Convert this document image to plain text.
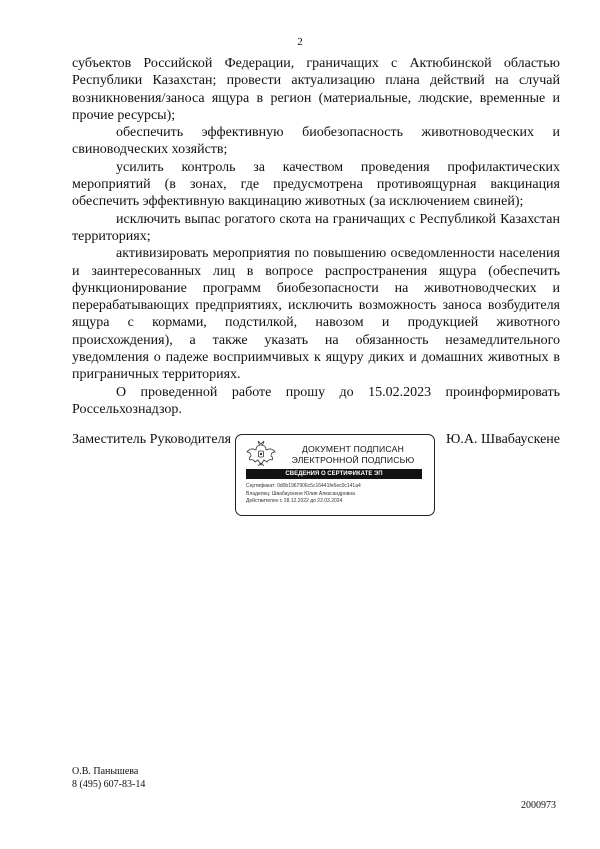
2

субъектов Российской Федерации, граничащих с Актюбинской областью Республики Казахстан; провести актуализацию плана действий на случай возникновения/заноса ящура в регион (материальные, людские, временные и прочие ресурсы);

обеспечить эффективную биобезопасность животноводческих и свиноводческих хозяйств;

усилить контроль за качеством проведения профилактических мероприятий (в зонах, где предусмотрена противоящурная вакцинация обеспечить эффективную вакцинацию животных (за исключением свиней);

исключить выпас рогатого скота на граничащих с Республикой Казахстан территориях;

активизировать мероприятия по повышению осведомленности населения и заинтересованных лиц в вопросе распространения ящура (обеспечить функционирование программ биобезопасности на животноводческих и перерабатывающих предприятиях, исключить возможность заноса возбудителя ящура с кормами, подстилкой, навозом и продукцией животного происхождения), а также указать на обязанность незамедлительного уведомления о падеже восприимчивых к ящуру диких и домашних животных в приграничных территориях.

О проведенной работе прошу до 15.02.2023 проинформировать Россельхознадзор.

Заместитель Руководителя
ДОКУМЕНТ ПОДПИСАН
ЭЛЕКТРОННОЙ ПОДПИСЬЮ
СВЕДЕНИЯ О СЕРТИФИКАТЕ ЭП
Сертификат: 0d0b1967906c5c16441fe6ec0c141a4
Владелец: Швабаускене Юлия Александровна
Действителен с 28.12.2022 до 22.03.2024
Ю.А. Швабаускене
О.В. Панышева
8 (495) 607-83-14
2000973
